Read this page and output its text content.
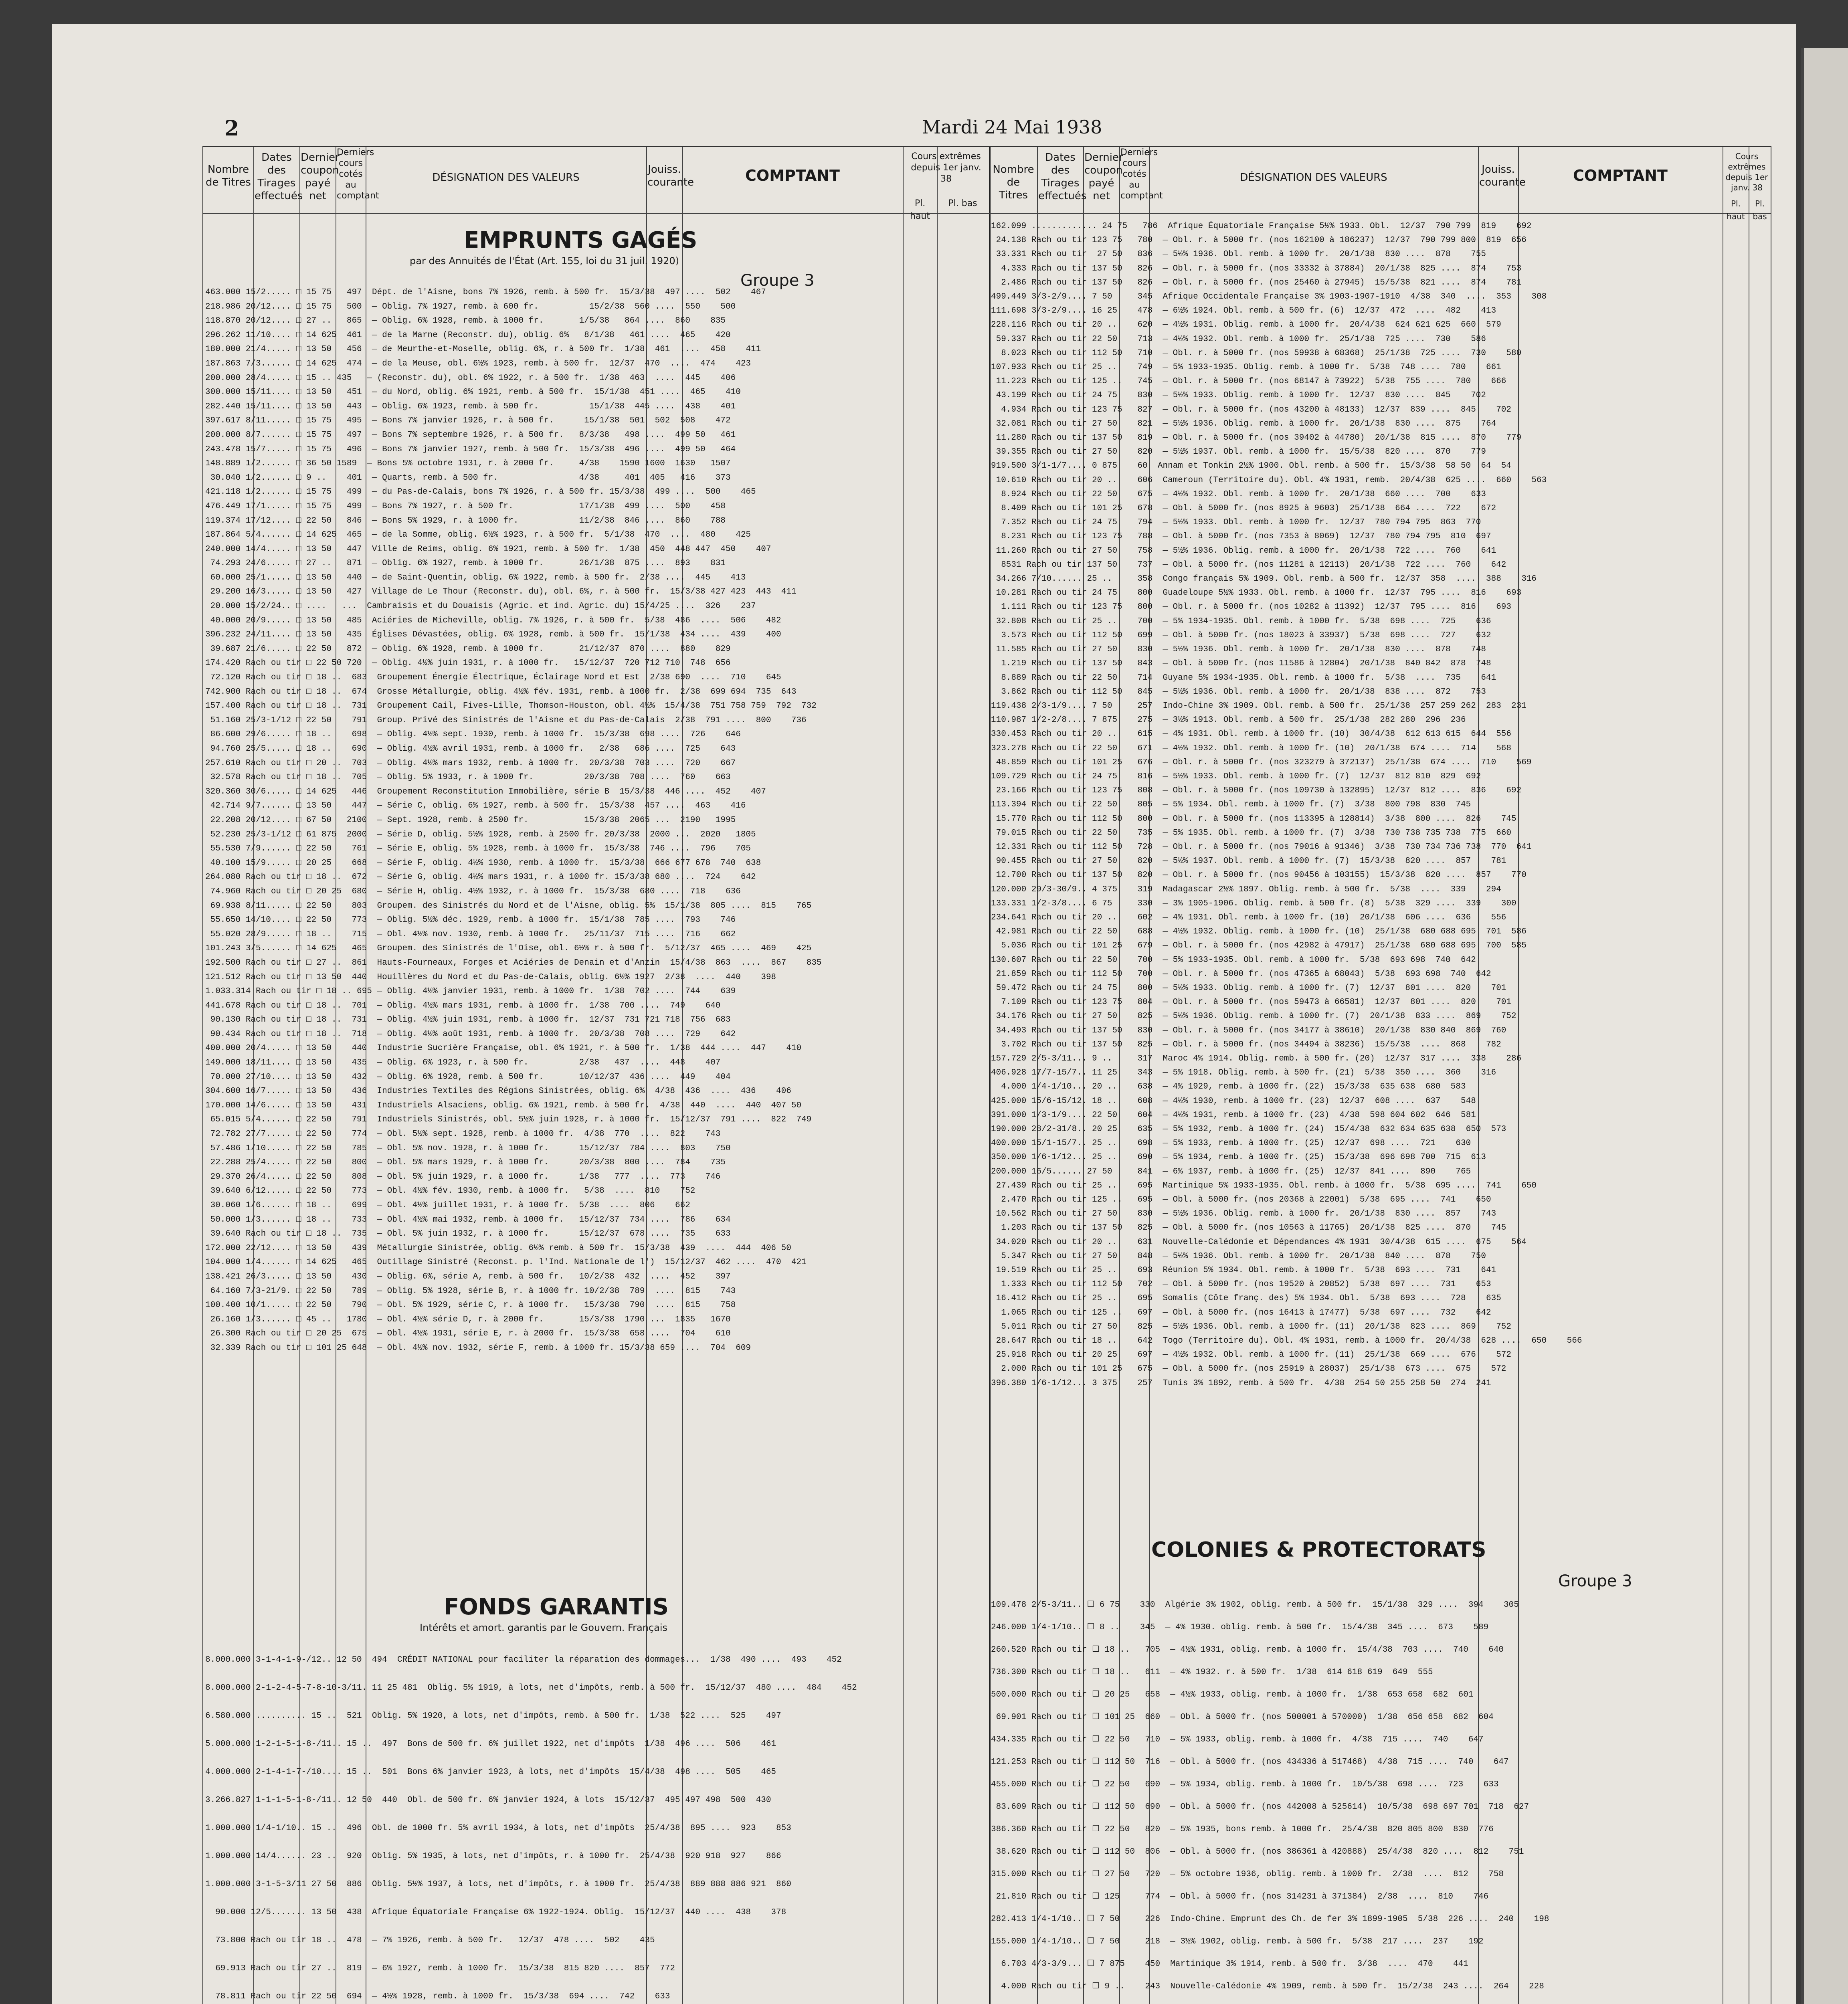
2	Mardi 24 Mai 1938
Nombre de Titres
Dates des Tirages effectués
Dernier coupon payé net
Derniers cours cotés au comptant
DÉSIGNATION DES VALEURS
Jouiss. courante	COMPTANT
Cours extrêmes depuis 1er janv. 38
Pl. haut
Pl. bas
Nombre de Titres
Dates des Tirages effectués
Dernier coupon payé net
Derniers cours cotés au comptant
DÉSIGNATION DES VALEURS
Jouiss. courante	COMPTANT
Cours extrêmes depuis 1er janv. 38
Pl. haut
Pl. bas
EMPRUNTS GAGÉS
par des Annuités de l'État (Art. 155, loi du 31 juil. 1920)
Groupe 3
463.000 15/2..... □ 15 75   497  Dépt. de l'Aisne, bons 7% 1926, remb. à 500 fr.  15/3/38  497 ....  502    467
218.986 20/12.... □ 15 75   500  — Oblig. 7% 1927, remb. à 600 fr.          15/2/38  560 ....  550    500
118.870 20/12.... □ 27 ..   865  — Oblig. 6% 1928, remb. à 1000 fr.       1/5/38   864 ....  860    835
296.262 11/10.... □ 14 625  461  — de la Marne (Reconstr. du), oblig. 6%   8/1/38   461 ....  465    420
180.000 21/4..... □ 13 50   456  — de Meurthe-et-Moselle, oblig. 6%, r. à 500 fr.  1/38  461  ....  458    411
187.863 7/3...... □ 14 625  474  — de la Meuse, obl. 6½% 1923, remb. à 500 fr.  12/37  470  ....  474    423
200.000 28/4..... □ 15 .. 435   — (Reconstr. du), obl. 6% 1922, r. à 500 fr.  1/38  463  ....  445    406
300.000 15/11.... □ 13 50   451  — du Nord, oblig. 6% 1921, remb. à 500 fr.  15/1/38  451 ....  465    410
282.440 15/11.... □ 13 50   443  — Oblig. 6% 1923, remb. à 500 fr.          15/1/38  445 ....  438    401
397.617 8/11..... □ 15 75   495  — Bons 7% janvier 1926, r. à 500 fr.      15/1/38  501  502  508    472
200.000 8/7...... □ 15 75   497  — Bons 7% septembre 1926, r. à 500 fr.   8/3/38   498 ....  499 50   461
243.478 15/7..... □ 15 75   496  — Bons 7% janvier 1927, remb. à 500 fr.  15/3/38  496 ....  499 50   464
148.889 1/2...... □ 36 50 1589  — Bons 5% octobre 1931, r. à 2000 fr.     4/38    1590 1600  1630   1507
30.040 1/2...... □ 9 ..    401  — Quarts, remb. à 500 fr.                4/38     401  405   416    373
421.118 1/2...... □ 15 75   499  — du Pas-de-Calais, bons 7% 1926, r. à 500 fr. 15/3/38  499 ....  500    465
476.449 17/1..... □ 15 75   499  — Bons 7% 1927, r. à 500 fr.             17/1/38  499 ....  500    458
119.374 17/12.... □ 22 50   846  — Bons 5% 1929, r. à 1000 fr.            11/2/38  846 ....  860    788
187.864 5/4...... □ 14 625  465  — de la Somme, oblig. 6½% 1923, r. à 500 fr.  5/1/38  470  ....  480    425
240.000 14/4..... □ 13 50   447  Ville de Reims, oblig. 6% 1921, remb. à 500 fr.  1/38  450  448 447  450    407
74.293 24/6..... □ 27 ..   871  — Oblig. 6% 1927, remb. à 1000 fr.       26/1/38  875 ....  893    831
60.000 25/1..... □ 13 50   440  — de Saint-Quentin, oblig. 6% 1922, remb. à 500 fr.  2/38 ....  445    413
29.200 16/3..... □ 13 50   427  Village de Le Thour (Reconstr. du), obl. 6%, r. à 500 fr.  15/3/38 427 423  443  411
20.000 15/2/24.. □ ....   ...  Cambraisis et du Douaisis (Agric. et ind. Agric. du) 15/4/25 ....  326    237
40.000 20/9..... □ 13 50   485  Aciéries de Micheville, oblig. 7% 1926, r. à 500 fr.  5/38  486  ....  506    482
396.232 24/11.... □ 13 50   435  Églises Dévastées, oblig. 6% 1928, remb. à 500 fr.  15/1/38  434 ....  439    400
39.687 21/6..... □ 22 50   872  — Oblig. 6% 1928, remb. à 1000 fr.       21/12/37  870 ....  880    829
174.420 Rach ou tir □ 22 50 720  — Oblig. 4½% juin 1931, r. à 1000 fr.   15/12/37  720 712 710  748  656
72.120 Rach ou tir □ 18 ..  683  Groupement Énergie Électrique, Éclairage Nord et Est  2/38 690  ....  710    645
742.900 Rach ou tir □ 18 ..  674  Grosse Métallurgie, oblig. 4½% fév. 1931, remb. à 1000 fr.  2/38  699 694  735  643
157.400 Rach ou tir □ 18 ..  731  Groupement Cail, Fives-Lille, Thomson-Houston, obl. 4½%  15/4/38  751 758 759  792  732
51.160 25/3-1/12 □ 22 50    791  Group. Privé des Sinistrés de l'Aisne et du Pas-de-Calais  2/38  791 ....  800    736
86.600 29/6..... □ 18 ..    698  — Oblig. 4½% sept. 1930, remb. à 1000 fr.  15/3/38  698 ....  726    646
94.760 25/5..... □ 18 ..    690  — Oblig. 4½% avril 1931, remb. à 1000 fr.   2/38   686 ....  725    643
257.610 Rach ou tir □ 20 ..  703  — Oblig. 4½% mars 1932, remb. à 1000 fr.  20/3/38  703 ....  720    667
32.578 Rach ou tir □ 18 ..  705  — Oblig. 5% 1933, r. à 1000 fr.          20/3/38  708 ....  760    663
320.360 30/6..... □ 14 625   446  Groupement Reconstitution Immobilière, série B  15/3/38  446 ....  452    407
42.714 9/7...... □ 13 50    447  — Série C, oblig. 6% 1927, remb. à 500 fr.  15/3/38  457 ....  463    416
22.208 20/12.... □ 67 50   2100  — Sept. 1928, remb. à 2500 fr.           15/3/38  2065 ...  2190   1995
52.230 25/3-1/12 □ 61 875  2000  — Série D, oblig. 5½% 1928, remb. à 2500 fr. 20/3/38  2000 ...  2020   1805
55.530 7/9...... □ 22 50    761  — Série E, oblig. 5% 1928, remb. à 1000 fr.  15/3/38  746 ....  796    705
40.100 15/9..... □ 20 25    668  — Série F, oblig. 4½% 1930, remb. à 1000 fr.  15/3/38  666 677 678  740  638
264.080 Rach ou tir □ 18 ..  672  — Série G, oblig. 4½% mars 1931, r. à 1000 fr. 15/3/38 680 ....  724    642
74.960 Rach ou tir □ 20 25  680  — Série H, oblig. 4½% 1932, r. à 1000 fr.  15/3/38  680 ....  718    636
69.938 8/11..... □ 22 50    803  Groupem. des Sinistrés du Nord et de l'Aisne, oblig. 5%  15/1/38  805 ....  815    765
55.650 14/10.... □ 22 50    773  — Oblig. 5½% déc. 1929, remb. à 1000 fr.  15/1/38  785 ....  793    746
55.020 28/9..... □ 18 ..    715  — Obl. 4½% nov. 1930, remb. à 1000 fr.   25/11/37  715 ....  716    662
101.243 3/5...... □ 14 625   465  Groupem. des Sinistrés de l'Oise, obl. 6½% r. à 500 fr.  5/12/37  465 ....  469    425
192.500 Rach ou tir □ 27 ..  861  Hauts-Fourneaux, Forges et Aciéries de Denain et d'Anzin  15/4/38  863  ....  867    835
121.512 Rach ou tir □ 13 50  440  Houillères du Nord et du Pas-de-Calais, oblig. 6½% 1927  2/38  ....  440    398
1.033.314 Rach ou tir □ 18 .. 695 — Oblig. 4½% janvier 1931, remb. à 1000 fr.  1/38  702 ....  744    639
441.678 Rach ou tir □ 18 ..  701  — Oblig. 4½% mars 1931, remb. à 1000 fr.  1/38  700 ....  749    640
90.130 Rach ou tir □ 18 ..  731  — Oblig. 4½% juin 1931, remb. à 1000 fr.  12/37  731 721 718  756  683
90.434 Rach ou tir □ 18 ..  718  — Oblig. 4½% août 1931, remb. à 1000 fr.  20/3/38  708 ....  729    642
400.000 20/4..... □ 13 50    440  Industrie Sucrière Française, obl. 6% 1921, r. à 500 fr.  1/38  444 ....  447    410
149.000 18/11.... □ 13 50    435  — Oblig. 6% 1923, r. à 500 fr.          2/38   437  ....  448    407
70.000 27/10.... □ 13 50    432  — Oblig. 6% 1928, remb. à 500 fr.       10/12/37  436 ....  449    404
304.600 16/7..... □ 13 50    436  Industries Textiles des Régions Sinistrées, oblig. 6%  4/38  436  ....  436    406
170.000 14/6..... □ 13 50    431  Industriels Alsaciens, oblig. 6% 1921, remb. à 500 fr.  4/38  440  ....  440  407 50
65.015 5/4...... □ 22 50    791  Industriels Sinistrés, obl. 5½% juin 1928, r. à 1000 fr.  15/12/37  791 ....  822  749
72.782 27/7..... □ 22 50    774  — Obl. 5½% sept. 1928, remb. à 1000 fr.  4/38  770  ....  822    743
57.486 1/10..... □ 22 50    785  — Obl. 5% nov. 1928, r. à 1000 fr.      15/12/37  784 ....  803    750
22.288 25/4..... □ 22 50    800  — Obl. 5% mars 1929, r. à 1000 fr.      20/3/38  800 ....  784    735
29.370 26/4..... □ 22 50    808  — Obl. 5% juin 1929, r. à 1000 fr.      1/38   777  ....  773    746
39.640 6/12..... □ 22 50    773  — Obl. 4½% fév. 1930, remb. à 1000 fr.   5/38  ....  810    752
30.060 1/6...... □ 18 ..    699  — Obl. 4½% juillet 1931, r. à 1000 fr.  5/38  ....  806    662
50.000 1/3...... □ 18 ..    733  — Obl. 4½% mai 1932, remb. à 1000 fr.   15/12/37  734 ....  786    634
39.640 Rach ou tir □ 18 ..  735  — Obl. 5% juin 1932, r. à 1000 fr.      15/12/37  678 ....  735    633
172.000 22/12.... □ 13 50    439  Métallurgie Sinistrée, oblig. 6½% remb. à 500 fr.  15/3/38  439  ....  444  406 50
104.000 1/4...... □ 14 625   465  Outillage Sinistré (Reconst. p. l'Ind. Nationale de l')  15/12/37  462 ....  470  421
138.421 26/3..... □ 13 50    430  — Oblig. 6%, série A, remb. à 500 fr.   10/2/38  432  ....  452    397
64.160 7/3-21/9. □ 22 50    789  — Oblig. 5% 1928, série B, r. à 1000 fr. 10/2/38  789  ....  815    743
100.400 10/1..... □ 22 50    790  — Obl. 5% 1929, série C, r. à 1000 fr.   15/3/38  790  ....  815    758
26.160 1/3...... □ 45 ..   1780  — Obl. 4½% série D, r. à 2000 fr.       15/3/38  1790 ...  1835   1670
26.300 Rach ou tir □ 20 25  675  — Obl. 4½% 1931, série E, r. à 2000 fr.  15/3/38  658 ....  704    610
32.339 Rach ou tir □ 101 25 648  — Obl. 4½% nov. 1932, série F, remb. à 1000 fr. 15/3/38 659 ....  704  609
FONDS GARANTIS
Intérêts et amort. garantis par le Gouvern. Français
8.000.000 3-1-4-1-9-/12.. 12 50  494  CRÉDIT NATIONAL pour faciliter la réparation des dommages...  1/38  490 ....  493    452
8.000.000 2-1-2-4-5-7-8-10-3/11. 11 25 481  Oblig. 5% 1919, à lots, net d'impôts, remb. à 500 fr.  15/12/37  480 ....  484    452
6.580.000 .......... 15 ..  521  Oblig. 5% 1920, à lots, net d'impôts, remb. à 500 fr.  1/38  522 ....  525    497
5.000.000 1-2-1-5-1-8-/11.. 15 ..  497  Bons de 500 fr. 6% juillet 1922, net d'impôts  1/38  496 ....  506    461
4.000.000 2-1-4-1-7-/10.... 15 ..  501  Bons 6% janvier 1923, à lots, net d'impôts  15/4/38  498 ....  505    465
3.266.827 1-1-1-5-1-8-/11.. 12 50  440  Obl. de 500 fr. 6% janvier 1924, à lots  15/12/37  495 497 498  500  430
1.000.000 1/4-1/10.. 15 ..  496  Obl. de 1000 fr. 5% avril 1934, à lots, net d'impôts  25/4/38  895 ....  923    853
1.000.000 14/4...... 23 ..  920  Oblig. 5% 1935, à lots, net d'impôts, r. à 1000 fr.  25/4/38  920 918  927    866
1.000.000 3-1-5-3/11 27 50  886  Oblig. 5½% 1937, à lots, net d'impôts, r. à 1000 fr.  25/4/38  889 888 886 921  860
90.000 12/5....... 13 50  438  Afrique Équatoriale Française 6% 1922-1924. Oblig.  15/12/37  440 ....  438    378
73.800 Rach ou tir 18 ..  478  — 7% 1926, remb. à 500 fr.   12/37  478 ....  502    435
69.913 Rach ou tir 27 ..  819  — 6% 1927, remb. à 1000 fr.  15/3/38  815 820 ....  857  772
78.811 Rach ou tir 22 50  694  — 4½% 1928, remb. à 1000 fr.  15/3/38  694 ....  742    633
162.099 ............. 24 75   786  Afrique Équatoriale Française 5½% 1933. Obl.  12/37  790 799  819    692
24.138 Rach ou tir 123 75   780  — Obl. r. à 5000 fr. (nos 162100 à 186237)  12/37  790 799 800  819  656
33.331 Rach ou tir  27 50   836  — 5½% 1936. Obl. remb. à 1000 fr.  20/1/38  830 ....  878    755
4.333 Rach ou tir 137 50   826  — Obl. r. à 5000 fr. (nos 33332 à 37884)  20/1/38  825 ....  874    753
2.486 Rach ou tir 137 50   826  — Obl. r. à 5000 fr. (nos 25460 à 27945)  15/5/38  821 ....  874    781
499.449 3/3-2/9.... 7 50     345  Afrique Occidentale Française 3% 1903-1907-1910  4/38  340  ....  353    308
111.698 3/3-2/9.... 16 25    478  — 6½% 1924. Obl. remb. à 500 fr. (6)  12/37  472  ....  482    413
228.116 Rach ou tir 20 ..    620  — 4½% 1931. Oblig. remb. à 1000 fr.  20/4/38  624 621 625  660  579
59.337 Rach ou tir 22 50    713  — 4½% 1932. Obl. remb. à 1000 fr.  25/1/38  725 ....  730    586
8.023 Rach ou tir 112 50   710  — Obl. r. à 5000 fr. (nos 59938 à 68368)  25/1/38  725 ....  730    580
107.933 Rach ou tir 25 ..    749  — 5% 1933-1935. Oblig. remb. à 1000 fr.  5/38  748 ....  780    661
11.223 Rach ou tir 125 ..   745  — Obl. r. à 5000 fr. (nos 68147 à 73922)  5/38  755 ....  780    666
43.199 Rach ou tir 24 75    830  — 5½% 1933. Oblig. remb. à 1000 fr.  12/37  830 ....  845    702
4.934 Rach ou tir 123 75   827  — Obl. r. à 5000 fr. (nos 43200 à 48133)  12/37  839 ....  845    702
32.081 Rach ou tir 27 50    821  — 5½% 1936. Oblig. remb. à 1000 fr.  20/1/38  830 ....  875    764
11.280 Rach ou tir 137 50   819  — Obl. r. à 5000 fr. (nos 39402 à 44780)  20/1/38  815 ....  870    779
39.355 Rach ou tir 27 50    820  — 5½% 1937. Obl. remb. à 1000 fr.  15/5/38  820 ....  870    779
919.500 3/1-1/7.... 0 875    60  Annam et Tonkin 2½% 1900. Obl. remb. à 500 fr.  15/3/38  58 50  64  54
10.610 Rach ou tir 20 ..    606  Cameroun (Territoire du). Obl. 4% 1931, remb.  20/4/38  625 ....  660    563
8.924 Rach ou tir 22 50    675  — 4½% 1932. Obl. remb. à 1000 fr.  20/1/38  660 ....  700    633
8.409 Rach ou tir 101 25   678  — Obl. à 5000 fr. (nos 8925 à 9603)  25/1/38  664 ....  722    672
7.352 Rach ou tir 24 75    794  — 5½% 1933. Obl. remb. à 1000 fr.  12/37  780 794 795  863  770
8.231 Rach ou tir 123 75   788  — Obl. à 5000 fr. (nos 7353 à 8069)  12/37  780 794 795  810  697
11.260 Rach ou tir 27 50    758  — 5½% 1936. Oblig. remb. à 1000 fr.  20/1/38  722 ....  760    641
8531 Rach ou tir 137 50    737  — Obl. à 5000 fr. (nos 11281 à 12113)  20/1/38  722 ....  760    642
34.266 7/10...... 25 ..     358  Congo français 5% 1909. Obl. remb. à 500 fr.  12/37  358  ....  388    316
10.281 Rach ou tir 24 75    800  Guadeloupe 5½% 1933. Obl. remb. à 1000 fr.  12/37  795 ....  816    693
1.111 Rach ou tir 123 75   800  — Obl. r. à 5000 fr. (nos 10282 à 11392)  12/37  795 ....  816    693
32.808 Rach ou tir 25 ..    700  — 5% 1934-1935. Obl. remb. à 1000 fr.  5/38  698 ....  725    636
3.573 Rach ou tir 112 50   699  — Obl. à 5000 fr. (nos 18023 à 33937)  5/38  698 ....  727    632
11.585 Rach ou tir 27 50    830  — 5½% 1936. Obl. remb. à 1000 fr.  20/1/38  830 ....  878    748
1.219 Rach ou tir 137 50   843  — Obl. à 5000 fr. (nos 11586 à 12804)  20/1/38  840 842  878  748
8.889 Rach ou tir 22 50    714  Guyane 5% 1934-1935. Obl. remb. à 1000 fr.  5/38  ....  735    641
3.862 Rach ou tir 112 50   845  — 5½% 1936. Obl. remb. à 1000 fr.  20/1/38  838 ....  872    753
119.438 2/3-1/9.... 7 50     257  Indo-Chine 3% 1909. Obl. remb. à 500 fr.  25/1/38  257 259 262  283  231
110.987 1/2-2/8.... 7 875    275  — 3½% 1913. Obl. remb. à 500 fr.  25/1/38  282 280  296  236
330.453 Rach ou tir 20 ..    615  — 4% 1931. Obl. remb. à 1000 fr. (10)  30/4/38  612 613 615  644  556
323.278 Rach ou tir 22 50    671  — 4½% 1932. Obl. remb. à 1000 fr. (10)  20/1/38  674 ....  714    568
48.859 Rach ou tir 101 25   676  — Obl. r. à 5000 fr. (nos 323279 à 372137)  25/1/38  674 ....  710    569
109.729 Rach ou tir 24 75    816  — 5½% 1933. Obl. remb. à 1000 fr. (7)  12/37  812 810  829  692
23.166 Rach ou tir 123 75   808  — Obl. r. à 5000 fr. (nos 109730 à 132895)  12/37  812 ....  836    692
113.394 Rach ou tir 22 50    805  — 5% 1934. Obl. remb. à 1000 fr. (7)  3/38  800 798  830  745
15.770 Rach ou tir 112 50   800  — Obl. r. à 5000 fr. (nos 113395 à 128814)  3/38  800 ....  826    745
79.015 Rach ou tir 22 50    735  — 5% 1935. Obl. remb. à 1000 fr. (7)  3/38  730 738 735 738  775  660
12.331 Rach ou tir 112 50   728  — Obl. r. à 5000 fr. (nos 79016 à 91346)  3/38  730 734 736 738  770  641
90.455 Rach ou tir 27 50    820  — 5½% 1937. Obl. remb. à 1000 fr. (7)  15/3/38  820 ....  857    781
12.700 Rach ou tir 137 50   820  — Obl. r. à 5000 fr. (nos 90456 à 103155)  15/3/38  820 ....  857    770
120.000 29/3-30/9.. 4 375    319  Madagascar 2½% 1897. Oblig. remb. à 500 fr.  5/38  ....  339    294
133.331 1/2-3/8.... 6 75     330  — 3% 1905-1906. Oblig. remb. à 500 fr. (8)  5/38  329 ....  339    300
234.641 Rach ou tir 20 ..    602  — 4% 1931. Obl. remb. à 1000 fr. (10)  20/1/38  606 ....  636    556
42.981 Rach ou tir 22 50    688  — 4½% 1932. Oblig. remb. à 1000 fr. (10)  25/1/38  680 688 695  701  586
5.036 Rach ou tir 101 25   679  — Obl. r. à 5000 fr. (nos 42982 à 47917)  25/1/38  680 688 695  700  585
130.607 Rach ou tir 22 50    700  — 5% 1933-1935. Obl. remb. à 1000 fr.  5/38  693 698  740  642
21.859 Rach ou tir 112 50   700  — Obl. r. à 5000 fr. (nos 47365 à 68043)  5/38  693 698  740  642
59.472 Rach ou tir 24 75    800  — 5½% 1933. Oblig. remb. à 1000 fr. (7)  12/37  801 ....  820    701
7.109 Rach ou tir 123 75   804  — Obl. r. à 5000 fr. (nos 59473 à 66581)  12/37  801 ....  820    701
34.176 Rach ou tir 27 50    825  — 5½% 1936. Oblig. remb. à 1000 fr. (7)  20/1/38  833 ....  869    752
34.493 Rach ou tir 137 50   830  — Obl. r. à 5000 fr. (nos 34177 à 38610)  20/1/38  830 840  869  760
3.702 Rach ou tir 137 50   825  — Obl. r. à 5000 fr. (nos 34494 à 38236)  15/5/38  ....  868    782
157.729 2/5-3/11... 9 ..     317  Maroc 4% 1914. Oblig. remb. à 500 fr. (20)  12/37  317 ....  338    286
406.928 17/7-15/7.. 11 25    343  — 5% 1918. Oblig. remb. à 500 fr. (21)  5/38  350 ....  360    316
4.000 1/4-1/10... 20 ..    638  — 4% 1929, remb. à 1000 fr. (22)  15/3/38  635 638  680  583
425.000 15/6-15/12. 18 ..    608  — 4½% 1930, remb. à 1000 fr. (23)  12/37  608 ....  637    548
391.000 1/3-1/9.... 22 50    604  — 4½% 1931, remb. à 1000 fr. (23)  4/38  598 604 602  646  581
190.000 28/2-31/8.. 20 25    635  — 5% 1932, remb. à 1000 fr. (24)  15/4/38  632 634 635 638  650  573
400.000 15/1-15/7.. 25 ..    698  — 5% 1933, remb. à 1000 fr. (25)  12/37  698 ....  721    630
350.000 1/6-1/12... 25 ..    690  — 5% 1934, remb. à 1000 fr. (25)  15/3/38  696 698 700  715  613
200.000 16/5...... 27 50     841  — 6% 1937, remb. à 1000 fr. (25)  12/37  841 ....  890    765
27.439 Rach ou tir 25 ..    695  Martinique 5% 1933-1935. Obl. remb. à 1000 fr.  5/38  695 ....  741    650
2.470 Rach ou tir 125 ..   695  — Obl. à 5000 fr. (nos 20368 à 22001)  5/38  695 ....  741    650
10.562 Rach ou tir 27 50    830  — 5½% 1936. Oblig. remb. à 1000 fr.  20/1/38  830 ....  857    743
1.203 Rach ou tir 137 50   825  — Obl. à 5000 fr. (nos 10563 à 11765)  20/1/38  825 ....  870    745
34.020 Rach ou tir 20 ..    631  Nouvelle-Calédonie et Dépendances 4% 1931  30/4/38  615 ....  675    564
5.347 Rach ou tir 27 50    848  — 5½% 1936. Obl. remb. à 1000 fr.  20/1/38  840 ....  878    750
19.519 Rach ou tir 25 ..    693  Réunion 5% 1934. Obl. remb. à 1000 fr.  5/38  693 ....  731    641
1.333 Rach ou tir 112 50   702  — Obl. à 5000 fr. (nos 19520 à 20852)  5/38  697 ....  731    653
16.412 Rach ou tir 25 ..    695  Somalis (Côte franç. des) 5% 1934. Obl.  5/38  693 ....  728    635
1.065 Rach ou tir 125 ..   697  — Obl. à 5000 fr. (nos 16413 à 17477)  5/38  697 ....  732    642
5.011 Rach ou tir 27 50    825  — 5½% 1936. Obl. remb. à 1000 fr. (11)  20/1/38  823 ....  869    752
28.647 Rach ou tir 18 ..    642  Togo (Territoire du). Obl. 4% 1931, remb. à 1000 fr.  20/4/38  628 ....  650    566
25.918 Rach ou tir 20 25    697  — 4½% 1932. Obl. remb. à 1000 fr. (11)  25/1/38  669 ....  676    572
2.000 Rach ou tir 101 25   675  — Obl. à 5000 fr. (nos 25919 à 28037)  25/1/38  673 ....  675    572
396.380 1/6-1/12... 3 375    257  Tunis 3% 1892, remb. à 500 fr.  4/38  254 50 255 258 50  274  241
COLONIES & PROTECTORATS
Groupe 3
109.478 2/5-3/11.. ☐ 6 75    330  Algérie 3% 1902, oblig. remb. à 500 fr.  15/1/38  329 ....  394    305
246.000 1/4-1/10.. ☐ 8 ..    345  — 4% 1930. oblig. remb. à 500 fr.  15/4/38  345 ....  673    589
260.520 Rach ou tir ☐ 18 ..   705  — 4½% 1931, oblig. remb. à 1000 fr.  15/4/38  703 ....  740    640
736.300 Rach ou tir ☐ 18 ..   611  — 4% 1932. r. à 500 fr.  1/38  614 618 619  649  555
500.000 Rach ou tir ☐ 20 25   658  — 4½% 1933, oblig. remb. à 1000 fr.  1/38  653 658  682  601
69.901 Rach ou tir ☐ 101 25  660  — Obl. à 5000 fr. (nos 500001 à 570000)  1/38  656 658  682  604
434.335 Rach ou tir ☐ 22 50   710  — 5% 1933, oblig. remb. à 1000 fr.  4/38  715 ....  740    647
121.253 Rach ou tir ☐ 112 50  716  — Obl. à 5000 fr. (nos 434336 à 517468)  4/38  715 ....  740    647
455.000 Rach ou tir ☐ 22 50   690  — 5% 1934, oblig. remb. à 1000 fr.  10/5/38  698 ....  723    633
83.609 Rach ou tir ☐ 112 50  690  — Obl. à 5000 fr. (nos 442008 à 525614)  10/5/38  698 697 701  718  627
386.360 Rach ou tir ☐ 22 50   820  — 5% 1935, bons remb. à 1000 fr.  25/4/38  820 805 800  830  776
38.620 Rach ou tir ☐ 112 50  806  — Obl. à 5000 fr. (nos 386361 à 420888)  25/4/38  820 ....  812    751
315.000 Rach ou tir ☐ 27 50   720  — 5% octobre 1936, oblig. remb. à 1000 fr.  2/38  ....  812    758
21.810 Rach ou tir ☐ 125     774  — Obl. à 5000 fr. (nos 314231 à 371384)  2/38  ....  810    746
282.413 1/4-1/10.. ☐ 7 50     226  Indo-Chine. Emprunt des Ch. de fer 3% 1899-1905  5/38  226 ....  240    198
155.000 1/4-1/10.. ☐ 7 50     218  — 3½% 1902, oblig. remb. à 500 fr.  5/38  217 ....  237    192
6.703 4/3-3/9... ☐ 7 875    450  Martinique 3% 1914, remb. à 500 fr.  3/38  ....  470    441
4.000 Rach ou tir ☐ 9 ..    243  Nouvelle-Calédonie 4% 1909, remb. à 500 fr.  15/2/38  243 ....  264    228
